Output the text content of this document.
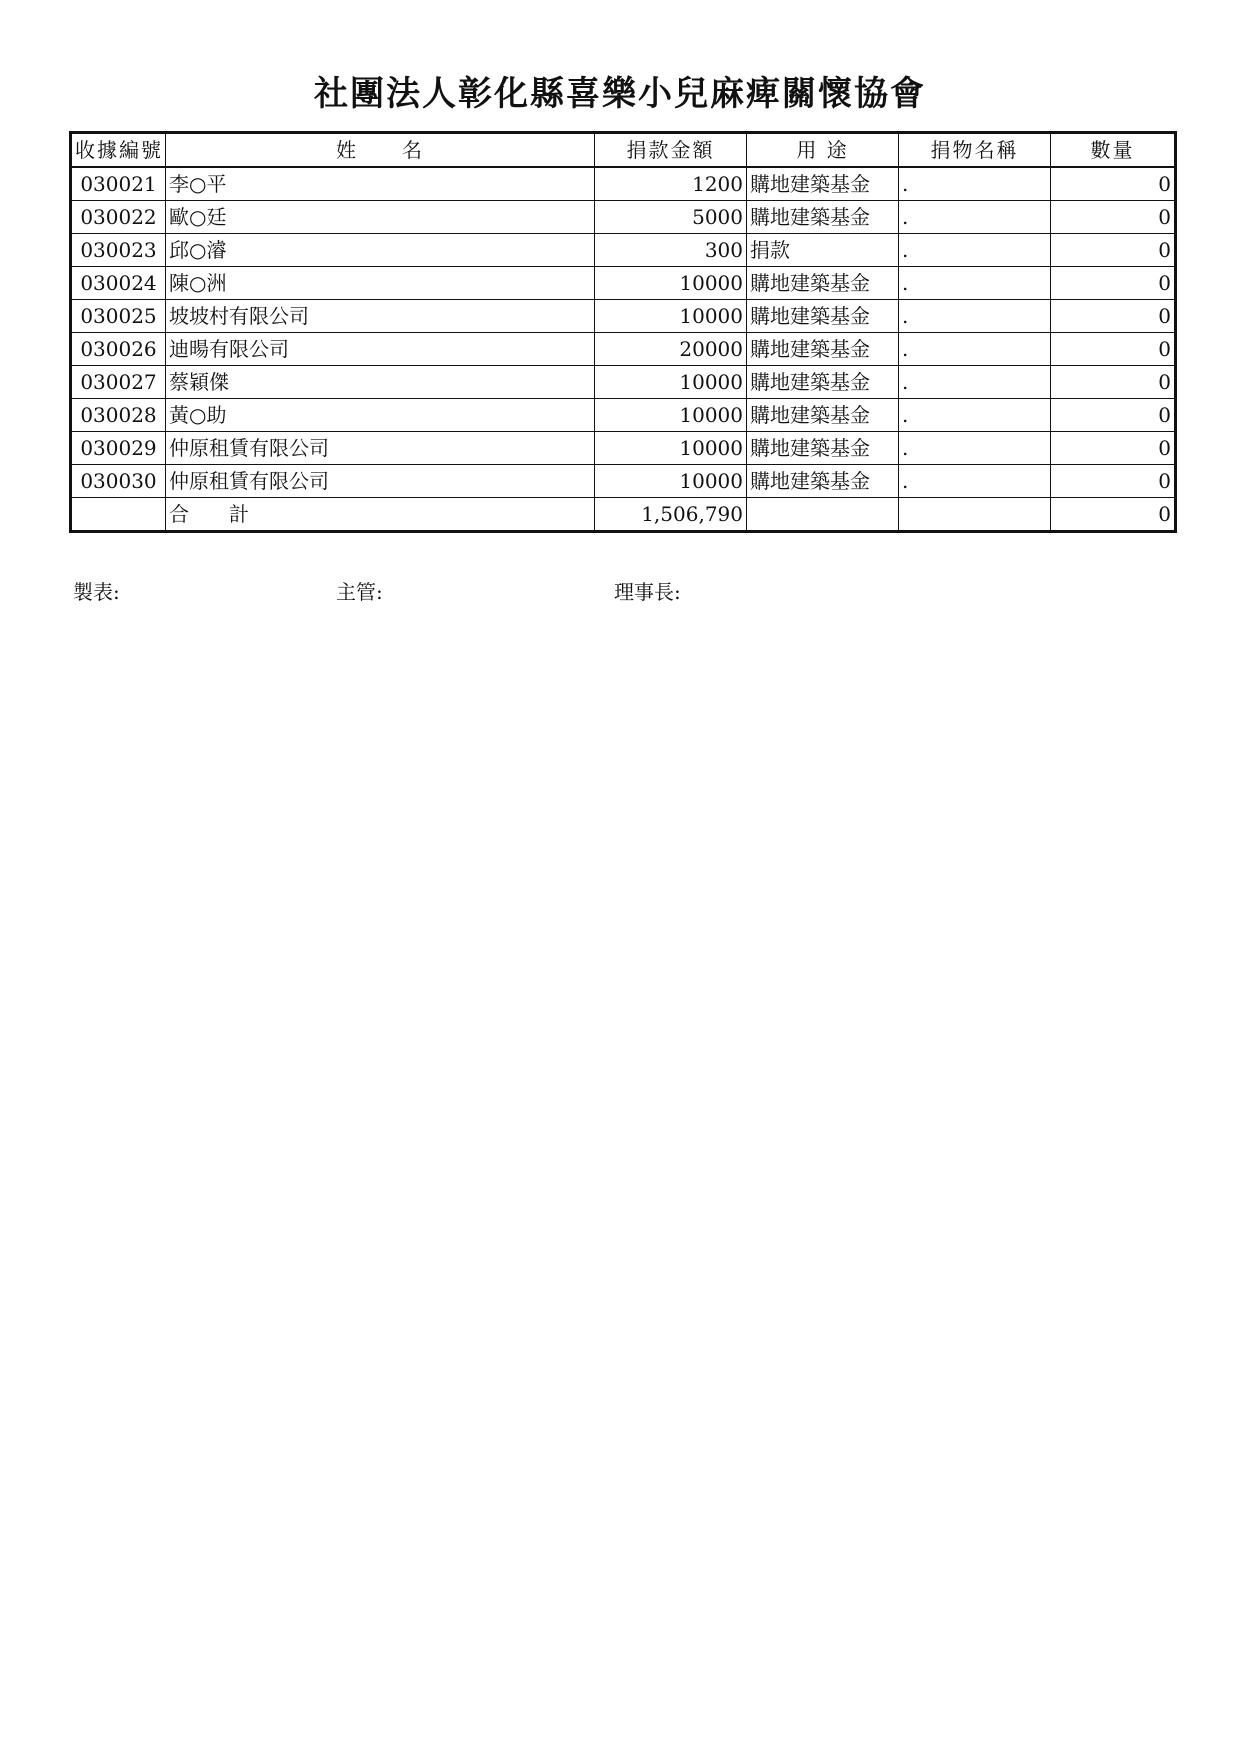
社團法人彰化縣喜樂小兒麻痺關懷協會
收據編號	姓　　名	捐款金額	用 途	捐物名稱	數量
030021	李○平	1200	購地建築基金	.	0
030022	歐○廷	5000	購地建築基金	.	0
030023	邱○濬	300	捐款	.	0
030024	陳○洲	10000	購地建築基金	.	0
030025	坡坡村有限公司	10000	購地建築基金	.	0
030026	迪暘有限公司	20000	購地建築基金	.	0
030027	蔡穎傑	10000	購地建築基金	.	0
030028	黃○助	10000	購地建築基金	.	0
030029	仲原租賃有限公司	10000	購地建築基金	.	0
030030	仲原租賃有限公司	10000	購地建築基金	.	0
	合　　計	1,506,790			0
製表:	主管:	理事長:
